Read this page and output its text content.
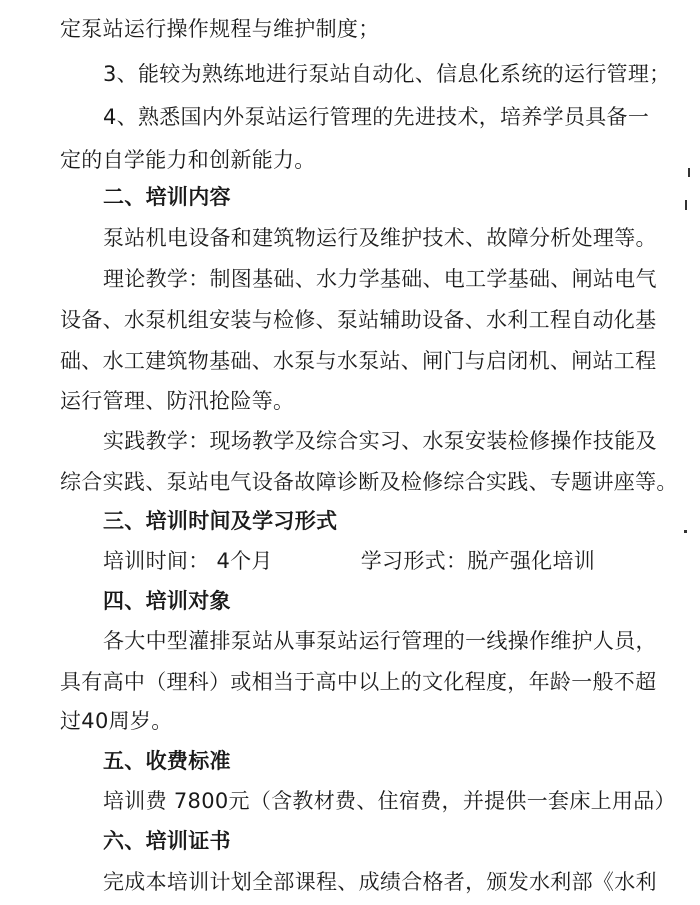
定泵站运行操作规程与维护制度；
3、能较为熟练地进行泵站自动化、信息化系统的运行管理；
4、熟悉国内外泵站运行管理的先进技术，培养学员具备一
定的自学能力和创新能力。
二、培训内容
泵站机电设备和建筑物运行及维护技术、故障分析处理等。
理论教学：制图基础、水力学基础、电工学基础、闸站电气
设备、水泵机组安装与检修、泵站辅助设备、水利工程自动化基
础、水工建筑物基础、水泵与水泵站、闸门与启闭机、闸站工程
运行管理、防汛抢险等。
实践教学：现场教学及综合实习、水泵安装检修操作技能及
综合实践、泵站电气设备故障诊断及检修综合实践、专题讲座等。
三、培训时间及学习形式
培训时间： 4个月	学习形式：脱产强化培训
四、培训对象
各大中型灌排泵站从事泵站运行管理的一线操作维护人员，
具有高中（理科）或相当于高中以上的文化程度，年龄一般不超
过40周岁。
五、收费标准
培训费 7800元（含教材费、住宿费，并提供一套床上用品）
六、培训证书
完成本培训计划全部课程、成绩合格者，颁发水利部《水利
